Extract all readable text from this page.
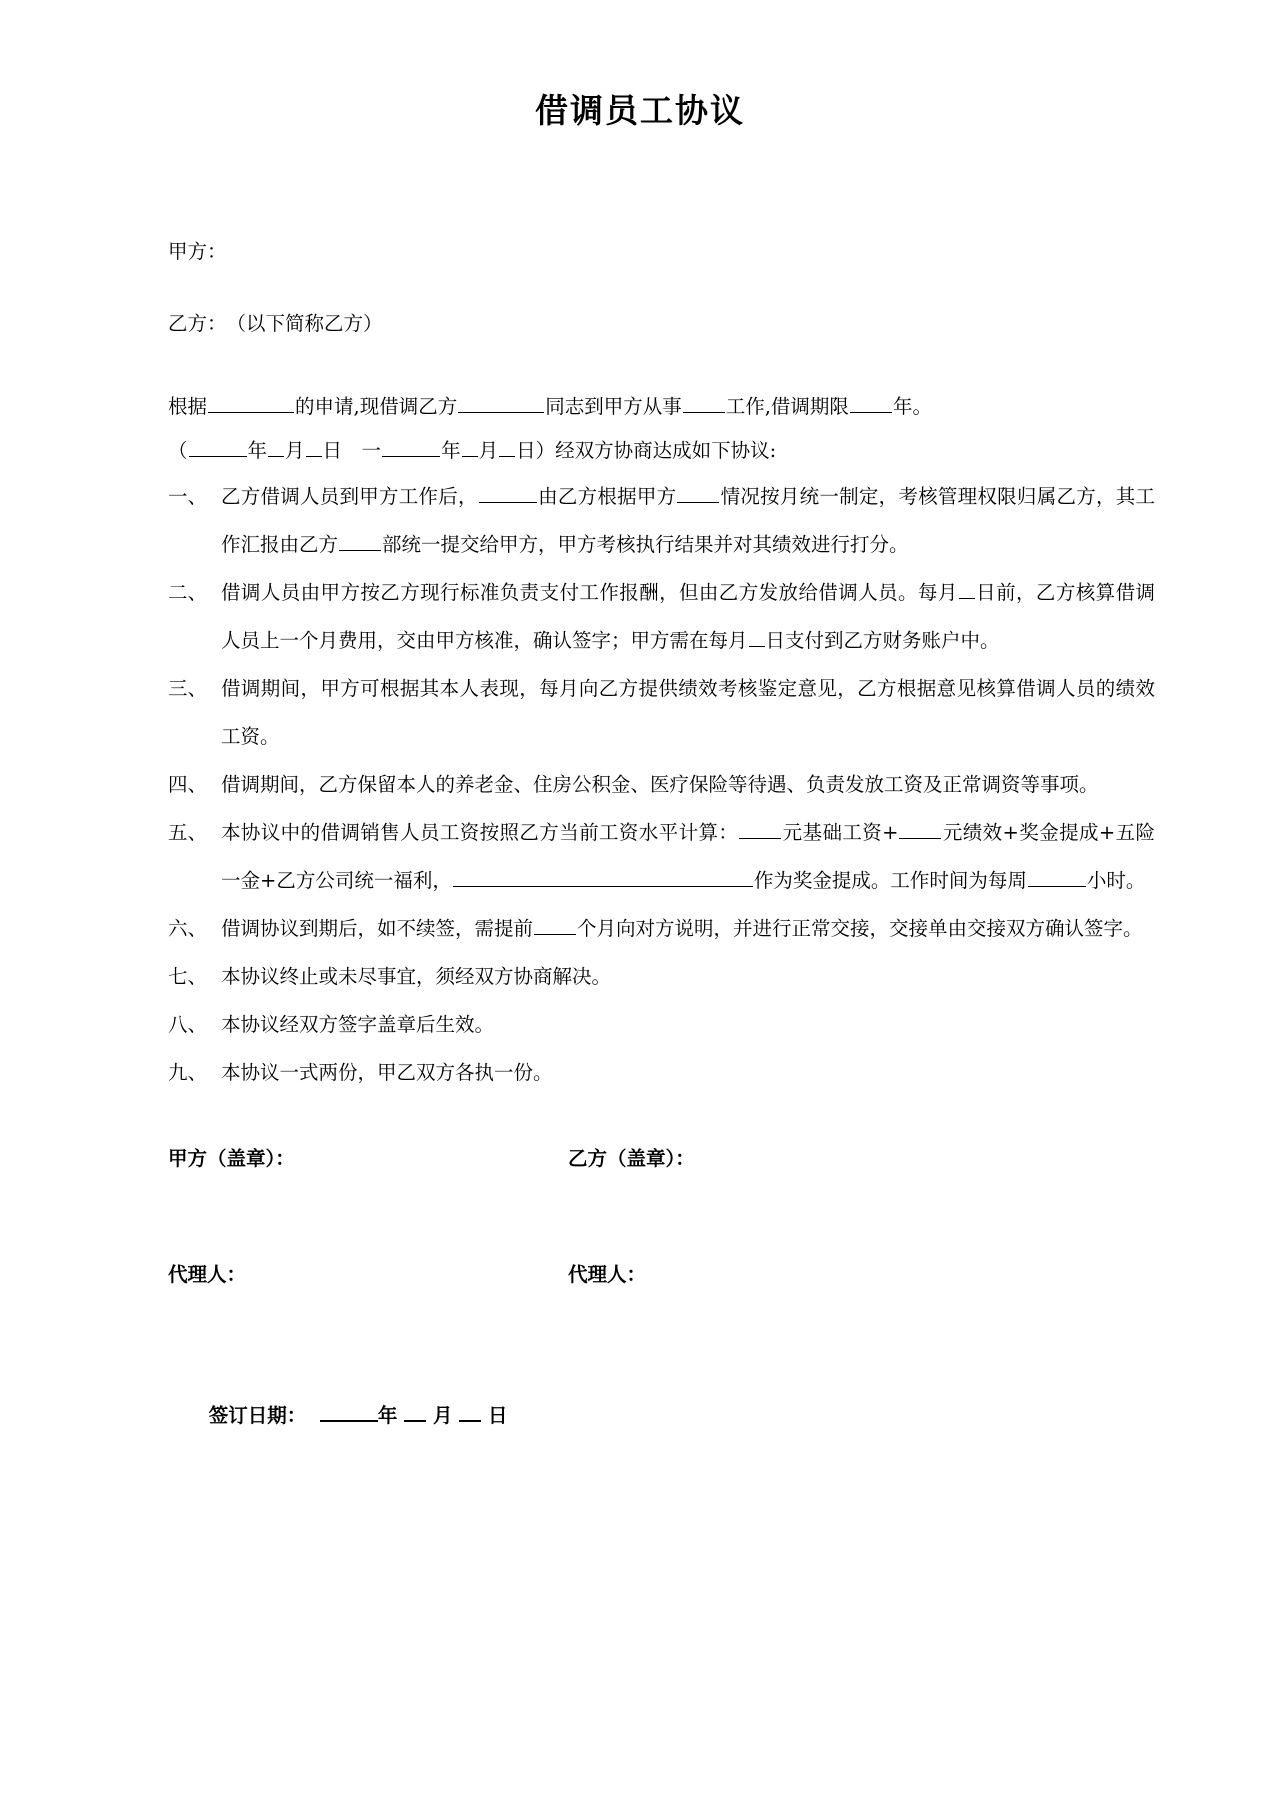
借调员工协议
甲方：
乙方：　（以下简称乙方）
根据	的申请,现借调乙方	同志到甲方从事 工作,借调期限 年。
（	年 月 日　一	年 月 日）经双方协商达成如下协议:
一、 乙方借调人员到甲方工作后，	由乙方根据甲方 情况按月统一制定，考核管理权限归属乙方，其工作汇报由乙方 部统一提交给甲方，甲方考核执行结果并对其绩效进行打分。
二、 借调人员由甲方按乙方现行标准负责支付工作报酬，但由乙方发放给借调人员。每月 日前，乙方核算借调人员上一个月费用，交由甲方核准，确认签字；甲方需在每月 日支付到乙方财务账户中。
三、 借调期间，甲方可根据其本人表现，每月向乙方提供绩效考核鉴定意见，乙方根据意见核算借调人员的绩效工资。
四、 借调期间，乙方保留本人的养老金、住房公积金、医疗保险等待遇、负责发放工资及正常调资等事项。
五、 本协议中的借调销售人员工资按照乙方当前工资水平计算： 元基础工资+ 元绩效+奖金提成+五险一金+乙方公司统一福利，	作为奖金提成。工作时间为每周	小时。
六、 借调协议到期后，如不续签，需提前 个月向对方说明，并进行正常交接，交接单由交接双方确认签字。
七、 本协议终止或未尽事宜，须经双方协商解决。
八、 本协议经双方签字盖章后生效。
九、 本协议一式两份，甲乙双方各执一份。
甲方（盖章）：	乙方（盖章）：
代理人：	代理人：

签订日期：	年 月 日
